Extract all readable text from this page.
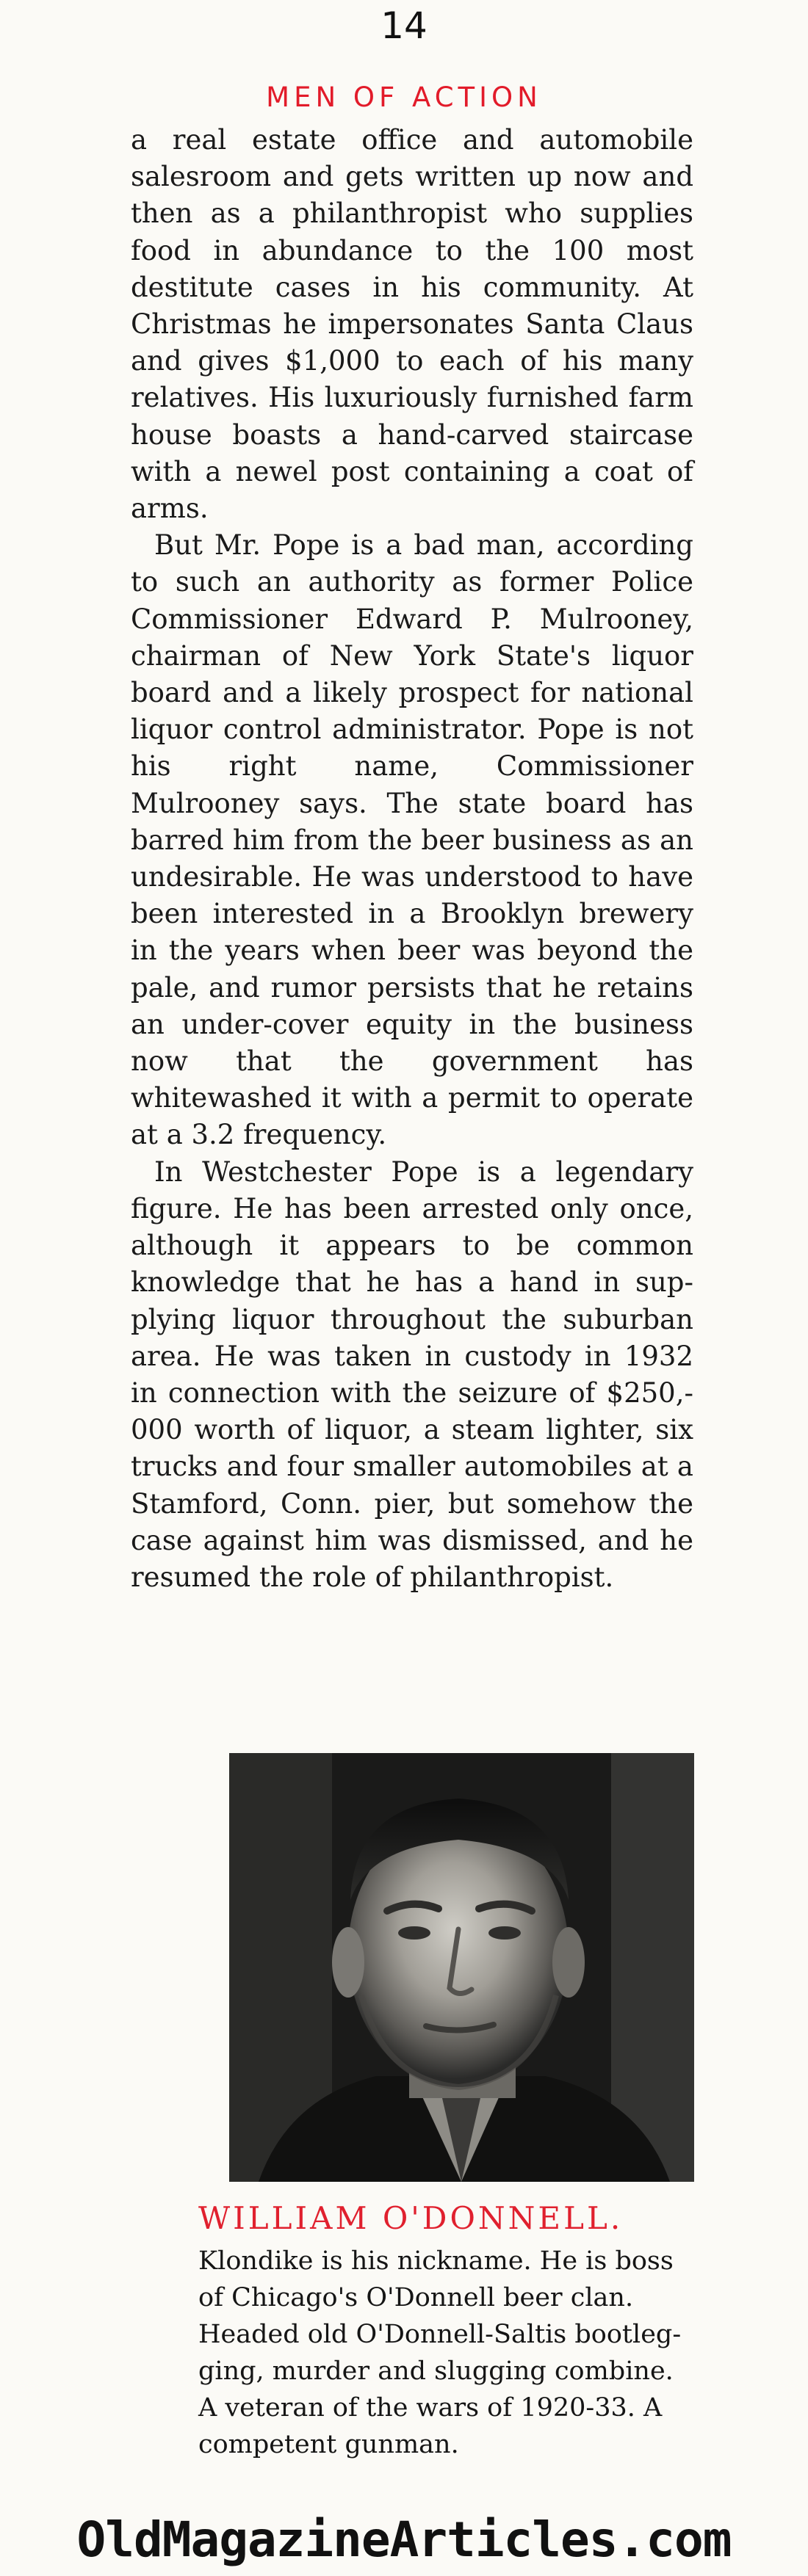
14
MEN OF ACTION

a real estate office and automobile salesroom and gets written up now and then as a philanthropist who supplies food in abundance to the 100 most destitute cases in his community. At Christmas he impersonates Santa Claus and gives $1,000 to each of his many relatives. His luxuriously furnished farm house boasts a hand-carved staircase with a newel post containing a coat of arms.

But Mr. Pope is a bad man, according to such an authority as former Police Commissioner Edward P. Mulrooney, chairman of New York State's liquor board and a likely prospect for national liquor control administrator. Pope is not his right name, Commissioner Mulrooney says. The state board has barred him from the beer business as an undesirable. He was understood to have been interested in a Brooklyn brewery in the years when beer was beyond the pale, and rumor persists that he retains an under-cover equity in the business now that the government has whitewashed it with a permit to operate at a 3.2 frequency.

In Westchester Pope is a legendary figure. He has been arrested only once, although it appears to be common knowledge that he has a hand in supplying liquor throughout the suburban area. He was taken in custody in 1932 in connection with the seizure of $250,000 worth of liquor, a steam lighter, six trucks and four smaller automobiles at a Stamford, Conn. pier, but somehow the case against him was dismissed, and he resumed the role of philanthropist.

WILLIAM O'DONNELL.

Klondike is his nickname. He is boss of Chicago's O'Donnell beer clan. Headed old O'Donnell-Saltis bootlegging, murder and slugging combine. A veteran of the wars of 1920-33. A competent gunman.

OldMagazineArticles.com
